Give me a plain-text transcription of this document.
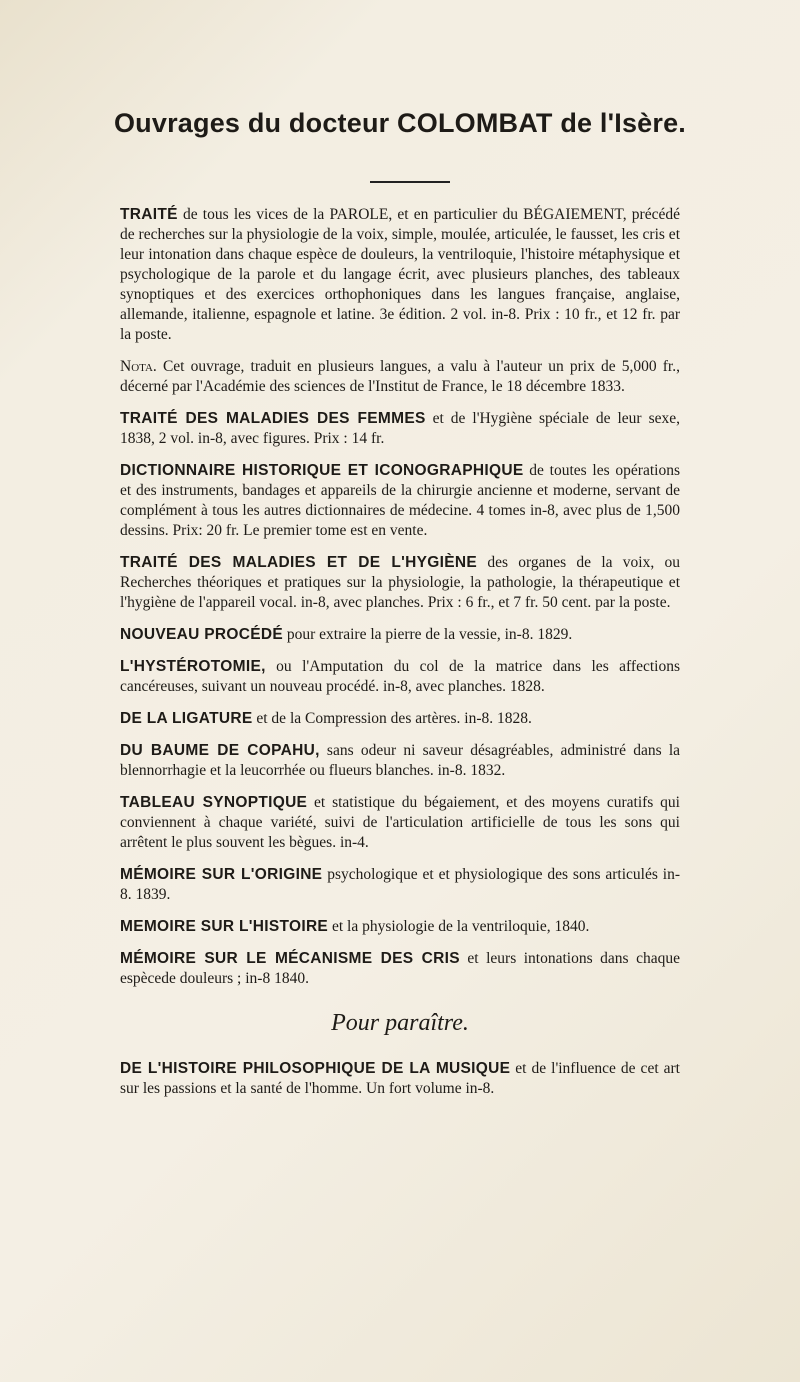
Ouvrages du docteur COLOMBAT de l'Isère.

TRAITÉ de tous les vices de la PAROLE, et en particulier du BÉGAIEMENT, précédé de recherches sur la physiologie de la voix, simple, moulée, articulée, le fausset, les cris et leur intonation dans chaque espèce de douleurs, la ventriloquie, l'histoire métaphysique et psychologique de la parole et du langage écrit, avec plusieurs planches, des tableaux synoptiques et des exercices orthophoniques dans les langues française, anglaise, allemande, italienne, espagnole et latine. 3e édition. 2 vol. in-8. Prix : 10 fr., et 12 fr. par la poste.

Nota. Cet ouvrage, traduit en plusieurs langues, a valu à l'auteur un prix de 5,000 fr., décerné par l'Académie des sciences de l'Institut de France, le 18 décembre 1833.

TRAITÉ DES MALADIES DES FEMMES et de l'Hygiène spéciale de leur sexe, 1838, 2 vol. in-8, avec figures. Prix : 14 fr.

DICTIONNAIRE HISTORIQUE ET ICONOGRAPHIQUE de toutes les opérations et des instruments, bandages et appareils de la chirurgie ancienne et moderne, servant de complément à tous les autres dictionnaires de médecine. 4 tomes in-8, avec plus de 1,500 dessins. Prix: 20 fr. Le premier tome est en vente.

TRAITÉ DES MALADIES ET DE L'HYGIÈNE des organes de la voix, ou Recherches théoriques et pratiques sur la physiologie, la pathologie, la thérapeutique et l'hygiène de l'appareil vocal. in-8, avec planches. Prix : 6 fr., et 7 fr. 50 cent. par la poste.

NOUVEAU PROCÉDÉ pour extraire la pierre de la vessie, in-8. 1829.

L'HYSTÉROTOMIE, ou l'Amputation du col de la matrice dans les affections cancéreuses, suivant un nouveau procédé. in-8, avec planches. 1828.

DE LA LIGATURE et de la Compression des artères. in-8. 1828.

DU BAUME DE COPAHU, sans odeur ni saveur désagréables, administré dans la blennorrhagie et la leucorrhée ou flueurs blanches. in-8. 1832.

TABLEAU SYNOPTIQUE et statistique du bégaiement, et des moyens curatifs qui conviennent à chaque variété, suivi de l'articulation artificielle de tous les sons qui arrêtent le plus souvent les bègues. in-4.

MÉMOIRE SUR L'ORIGINE psychologique et et physiologique des sons articulés in-8. 1839.

MEMOIRE SUR L'HISTOIRE et la physiologie de la ventriloquie, 1840.

MÉMOIRE SUR LE MÉCANISME DES CRIS et leurs intonations dans chaque espècede douleurs ; in-8 1840.

Pour paraître.

DE L'HISTOIRE PHILOSOPHIQUE DE LA MUSIQUE et de l'influence de cet art sur les passions et la santé de l'homme. Un fort volume in-8.
